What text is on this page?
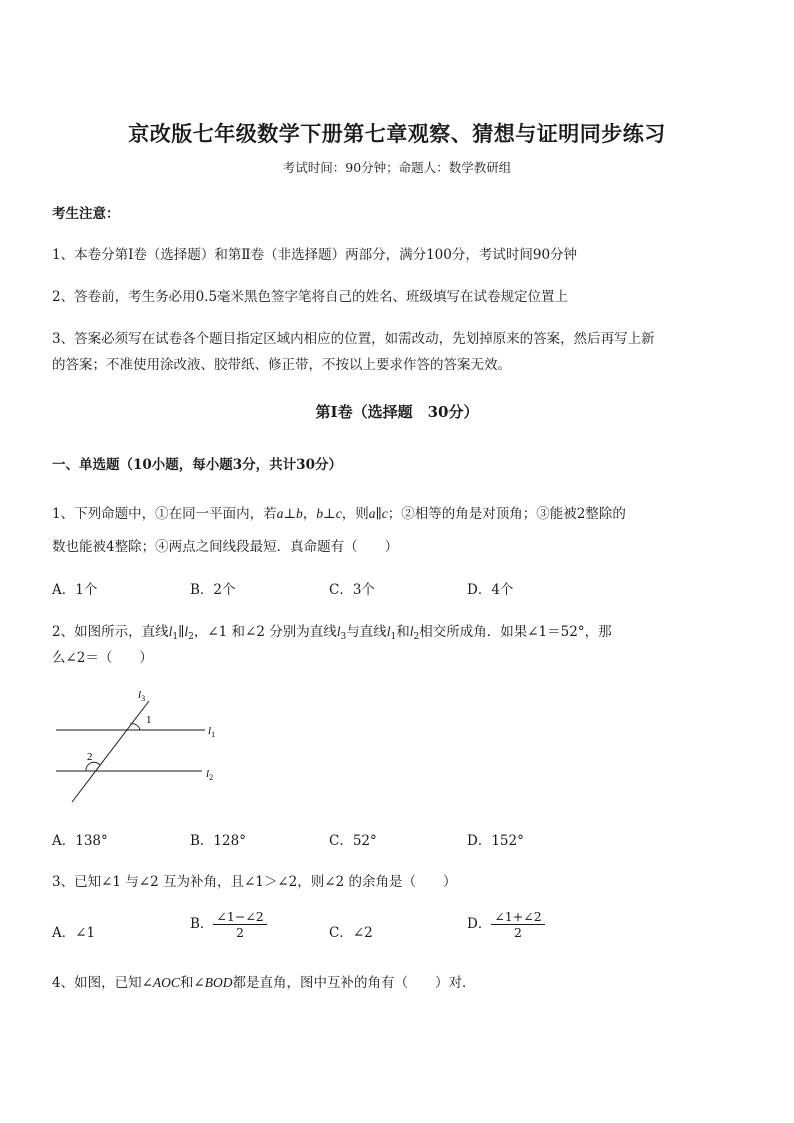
京改版七年级数学下册第七章观察、猜想与证明同步练习
考试时间：90分钟；命题人：数学教研组
考生注意：
1、本卷分第Ⅰ卷（选择题）和第Ⅱ卷（非选择题）两部分，满分100分，考试时间90分钟
2、答卷前，考生务必用0.5毫米黑色签字笔将自己的姓名、班级填写在试卷规定位置上
3、答案必须写在试卷各个题目指定区域内相应的位置，如需改动，先划掉原来的答案，然后再写上新
的答案；不准使用涂改液、胶带纸、修正带，不按以上要求作答的答案无效。
第Ⅰ卷（选择题　30分）
一、单选题（10小题，每小题3分，共计30分）
1、下列命题中，①在同一平面内，若a⊥b，b⊥c，则a∥c；②相等的角是对顶角；③能被2整除的
数也能被4整除；④两点之间线段最短．真命题有（　　）
A．1个	B．2个	C．3个	D．4个
2、如图所示，直线$l_1\parallel l_2$，∠1 和∠2 分别为直线$l_3$与直线$l_1$和$l_2$相交所成角．如果∠1＝52°，那
么∠2＝（　　）
$l_3$
1
2
$l_1$
$l_2$
A．138°	B．128°	C．52°	D．152°
3、已知∠1 与∠2 互为补角，且∠1＞∠2，则∠2 的余角是（　　）
A．∠1
B． $\frac{\angle 1-\angle 2}{2}$	C．∠2
D． $\frac{\angle 1+\angle 2}{2}$
4、如图，已知∠AOC和∠BOD都是直角，图中互补的角有（　　）对．
